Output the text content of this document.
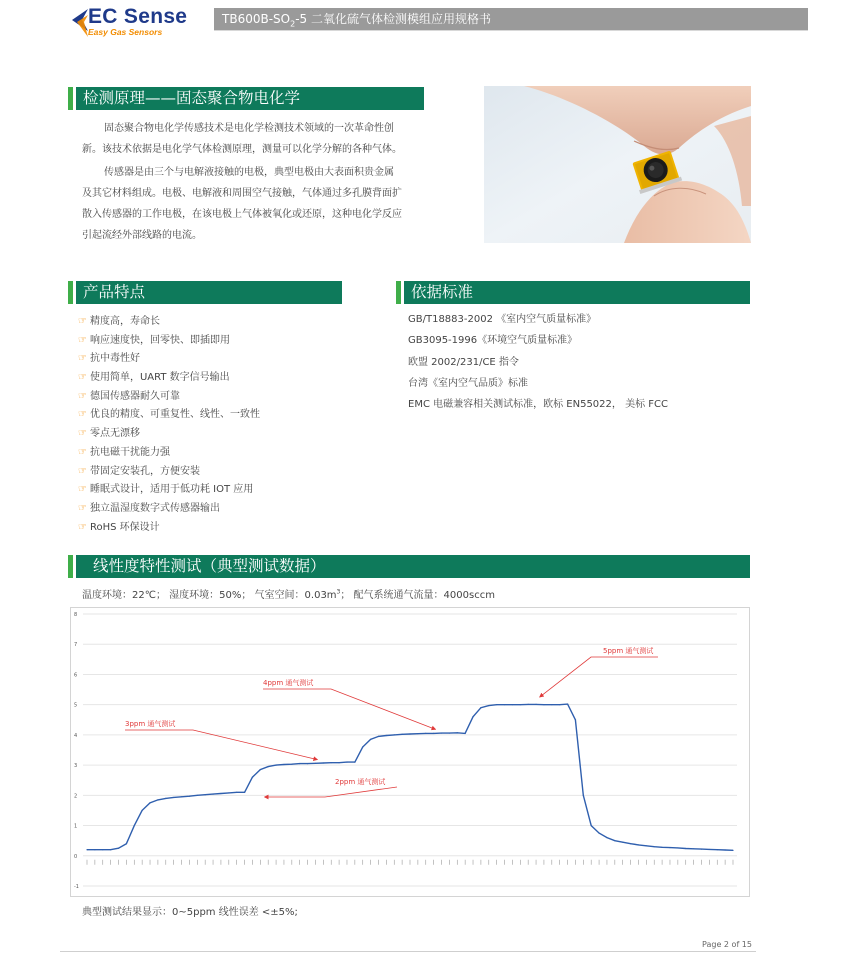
EC Sense
Easy Gas Sensors
$TB600B-SO_2-5$ 二氧化硫气体检测模组应用规格书
检测原理——固态聚合物电化学
固态聚合物电化学传感技术是电化学检测技术领域的一次革命性创
新。该技术依据是电化学气体检测原理，测量可以化学分解的各种气体。
传感器是由三个与电解液接触的电极，典型电极由大表面积贵金属
及其它材料组成。电极、电解液和周围空气接触，气体通过多孔膜背面扩
散入传感器的工作电极，在该电极上气体被氧化或还原，这种电化学反应
引起流经外部线路的电流。
产品特点
☞ 精度高，寿命长
☞ 响应速度快，回零快、即插即用
☞ 抗中毒性好
☞ 使用简单，UART 数字信号输出
☞ 德国传感器耐久可靠
☞ 优良的精度、可重复性、线性、一致性
☞ 零点无漂移
☞ 抗电磁干扰能力强
☞ 带固定安装孔，方便安装
☞ 睡眠式设计，适用于低功耗 IOT 应用
☞ 独立温湿度数字式传感器输出
☞ RoHS 环保设计
依据标准
GB/T18883-2002 《室内空气质量标准》
GB3095-1996《环境空气质量标准》
欧盟 2002/231/CE 指令
台湾《室内空气品质》标准
EMC 电磁兼容相关测试标准，欧标 EN55022， 美标 FCC
线性度特性测试（典型测试数据）
温度环境：22℃； 湿度环境：50%； 气室空间：$0.03m^3$； 配气系统通气流量：4000sccm
-1
0
1
2
3
4
5
6
7
8
2ppm 通气测试
3ppm 通气测试
4ppm 通气测试
5ppm 通气测试
典型测试结果显示：0~5ppm 线性误差 <±5%;
Page 2 of 15
